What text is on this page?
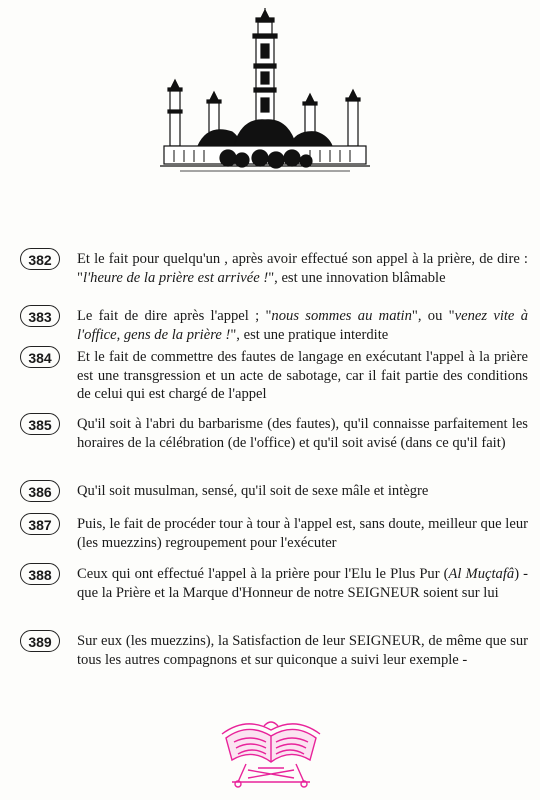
382	Et le fait pour quelqu'un , après avoir effectué son appel à la prière, de dire : "l'heure de la prière est arrivée !", est une innovation blâmable
383	Le fait de dire après l'appel ; "nous sommes au matin", ou "venez vite à l'office, gens de la prière !", est une pratique interdite
384	Et le fait de commettre des fautes de langage en exécutant l'appel à la prière est une transgression et un acte de sabotage, car il fait partie des conditions de celui qui est chargé de l'appel
385	Qu'il soit à l'abri du barbarisme (des fautes), qu'il connaisse parfaitement les horaires de la célébration (de l'office) et qu'il soit avisé (dans ce qu'il fait)
386	Qu'il soit musulman, sensé, qu'il soit de sexe mâle et intègre
387	Puis, le fait de procéder tour à tour à l'appel est, sans doute, meilleur que leur (les muezzins) regroupement pour l'exécuter
388	Ceux qui ont effectué l'appel à la prière pour l'Elu le Plus Pur (Al Muçtafâ) - que la Prière et la Marque d'Honneur de notre SEIGNEUR soient sur lui
389	Sur eux (les muezzins), la Satisfaction de leur SEIGNEUR, de même que sur tous les autres compagnons et sur quiconque a suivi leur exemple -
